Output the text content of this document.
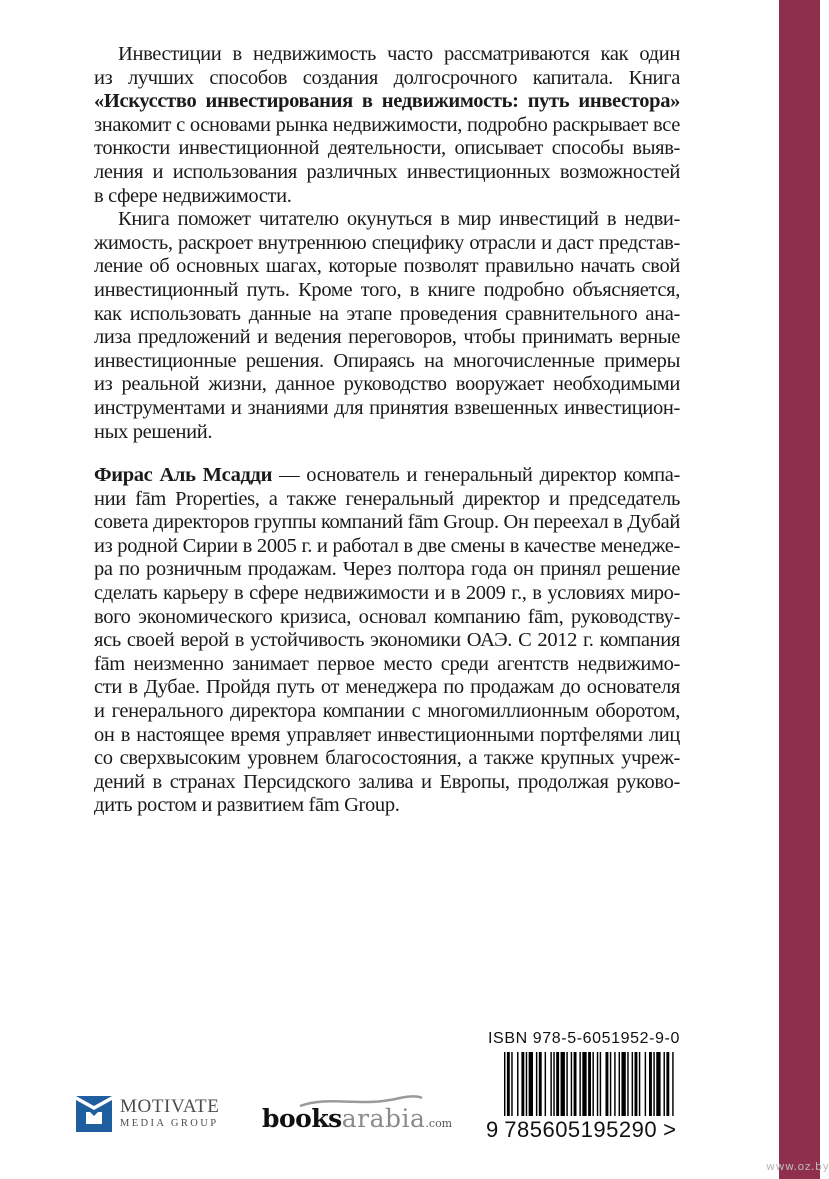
Инвестиции в недвижимость часто рассматриваются как один
из лучших способов создания долгосрочного капитала. Книга
«Искусство инвестирования в недвижимость: путь инвестора»
знакомит с основами рынка недвижимости, подробно раскрывает все
тонкости инвестиционной деятельности, описывает способы выяв-
ления и использования различных инвестиционных возможностей
в сфере недвижимости.
Книга поможет читателю окунуться в мир инвестиций в недви-
жимость, раскроет внутреннюю специфику отрасли и даст представ-
ление об основных шагах, которые позволят правильно начать свой
инвестиционный путь. Кроме того, в книге подробно объясняется,
как использовать данные на этапе проведения сравнительного ана-
лиза предложений и ведения переговоров, чтобы принимать верные
инвестиционные решения. Опираясь на многочисленные примеры
из реальной жизни, данное руководство вооружает необходимыми
инструментами и знаниями для принятия взвешенных инвестицион-
ных решений.
Фирас Аль Мсадди — основатель и генеральный директор компа-
нии fām Properties, а также генеральный директор и председатель
совета директоров группы компаний fām Group. Он переехал в Дубай
из родной Сирии в 2005 г. и работал в две смены в качестве менедже-
ра по розничным продажам. Через полтора года он принял решение
сделать карьеру в сфере недвижимости и в 2009 г., в условиях миро-
вого экономического кризиса, основал компанию fām, руководству-
ясь своей верой в устойчивость экономики ОАЭ. С 2012 г. компания
fām неизменно занимает первое место среди агентств недвижимо-
сти в Дубае. Пройдя путь от менеджера по продажам до основателя
и генерального директора компании с многомиллионным оборотом,
он в настоящее время управляет инвестиционными портфелями лиц
со сверхвысоким уровнем благосостояния, а также крупных учреж-
дений в странах Персидского залива и Европы, продолжая руково-
дить ростом и развитием fām Group.
ISBN 978-5-6051952-9-0
9 785605195290 >
MOTIVATE
MEDIA GROUP booksarabia.com
www.oz.by
